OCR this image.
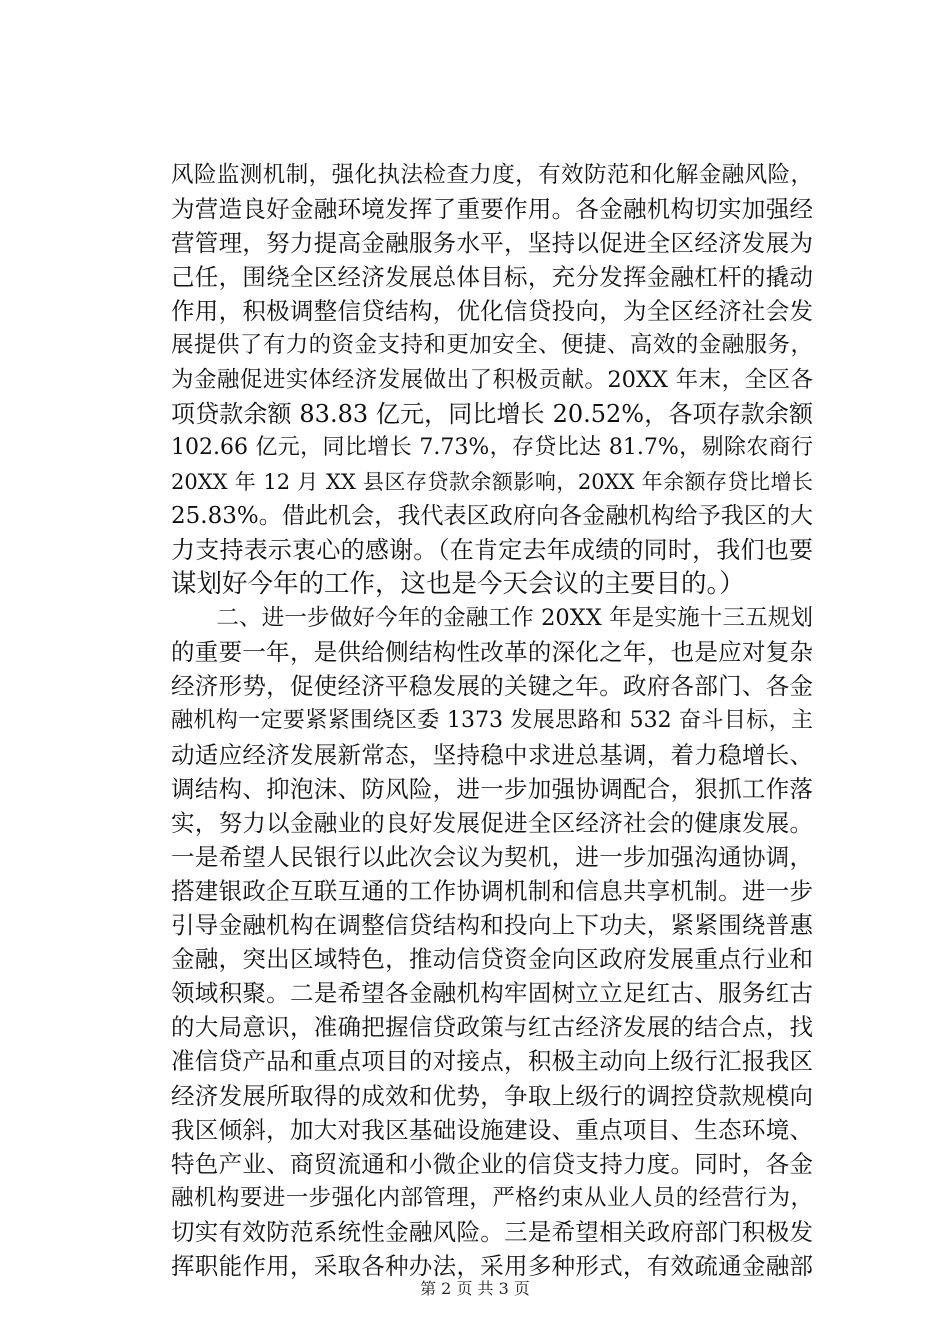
风险监测机制，强化执法检查力度，有效防范和化解金融风险，
为营造良好金融环境发挥了重要作用。各金融机构切实加强经
营管理，努力提高金融服务水平，坚持以促进全区经济发展为
己任，围绕全区经济发展总体目标，充分发挥金融杠杆的撬动
作用，积极调整信贷结构，优化信贷投向，为全区经济社会发
展提供了有力的资金支持和更加安全、便捷、高效的金融服务，
为金融促进实体经济发展做出了积极贡献。20XX 年末，全区各
项贷款余额 83.83 亿元，同比增长 20.52%，各项存款余额
102.66 亿元，同比增长 7.73%，存贷比达 81.7%，剔除农商行
20XX 年 12 月 XX 县区存贷款余额影响，20XX 年余额存贷比增长
25.83%。借此机会，我代表区政府向各金融机构给予我区的大
力支持表示衷心的感谢。（在肯定去年成绩的同时，我们也要
谋划好今年的工作，这也是今天会议的主要目的。）
　　二、进一步做好今年的金融工作 20XX 年是实施十三五规划
的重要一年，是供给侧结构性改革的深化之年，也是应对复杂
经济形势，促使经济平稳发展的关键之年。政府各部门、各金
融机构一定要紧紧围绕区委 1373 发展思路和 532 奋斗目标，主
动适应经济发展新常态，坚持稳中求进总基调，着力稳增长、
调结构、抑泡沫、防风险，进一步加强协调配合，狠抓工作落
实，努力以金融业的良好发展促进全区经济社会的健康发展。
一是希望人民银行以此次会议为契机，进一步加强沟通协调，
搭建银政企互联互通的工作协调机制和信息共享机制。进一步
引导金融机构在调整信贷结构和投向上下功夫，紧紧围绕普惠
金融，突出区域特色，推动信贷资金向区政府发展重点行业和
领域积聚。二是希望各金融机构牢固树立立足红古、服务红古
的大局意识，准确把握信贷政策与红古经济发展的结合点，找
准信贷产品和重点项目的对接点，积极主动向上级行汇报我区
经济发展所取得的成效和优势，争取上级行的调控贷款规模向
我区倾斜，加大对我区基础设施建设、重点项目、生态环境、
特色产业、商贸流通和小微企业的信贷支持力度。同时，各金
融机构要进一步强化内部管理，严格约束从业人员的经营行为，
切实有效防范系统性金融风险。三是希望相关政府部门积极发
挥职能作用，采取各种办法，采用多种形式，有效疏通金融部
第 2 页 共 3 页
